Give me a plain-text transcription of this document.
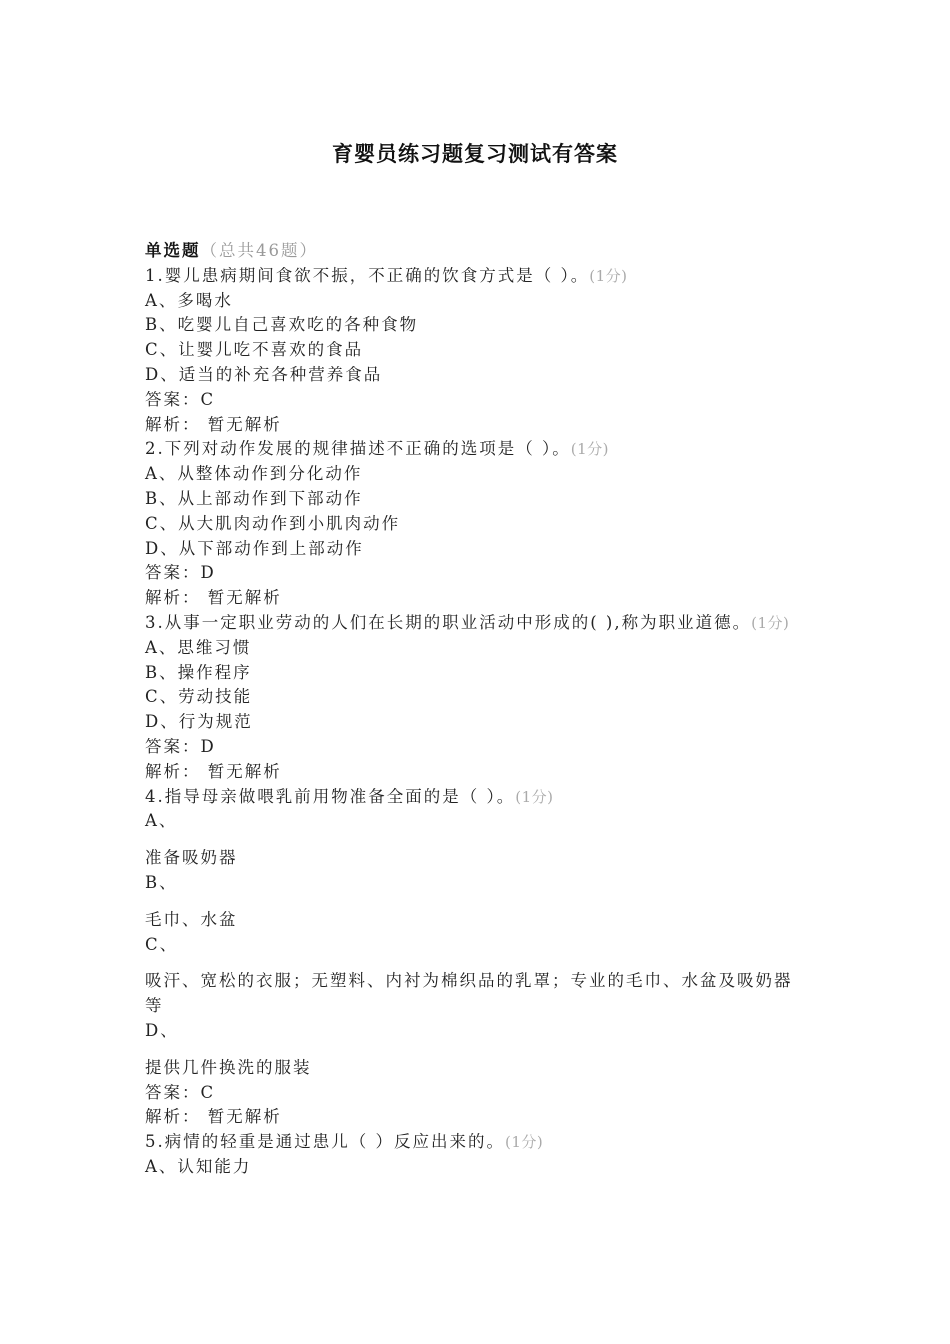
育婴员练习题复习测试有答案
单选题（总共46题）
1.婴儿患病期间食欲不振，不正确的饮食方式是（ ）。(1分)
A、多喝水
B、吃婴儿自己喜欢吃的各种食物
C、让婴儿吃不喜欢的食品
D、适当的补充各种营养食品
答案：C
解析： 暂无解析
2.下列对动作发展的规律描述不正确的选项是（ ）。(1分)
A、从整体动作到分化动作
B、从上部动作到下部动作
C、从大肌肉动作到小肌肉动作
D、从下部动作到上部动作
答案：D
解析： 暂无解析
3.从事一定职业劳动的人们在长期的职业活动中形成的( ),称为职业道德。(1分)
A、思维习惯
B、操作程序
C、劳动技能
D、行为规范
答案：D
解析： 暂无解析
4.指导母亲做喂乳前用物准备全面的是（ ）。(1分)
A、
准备吸奶器
B、
毛巾、水盆
C、
吸汗、宽松的衣服；无塑料、内衬为棉织品的乳罩；专业的毛巾、水盆及吸奶器等
D、
提供几件换洗的服装
答案：C
解析： 暂无解析
5.病情的轻重是通过患儿（ ）反应出来的。(1分)
A、认知能力
